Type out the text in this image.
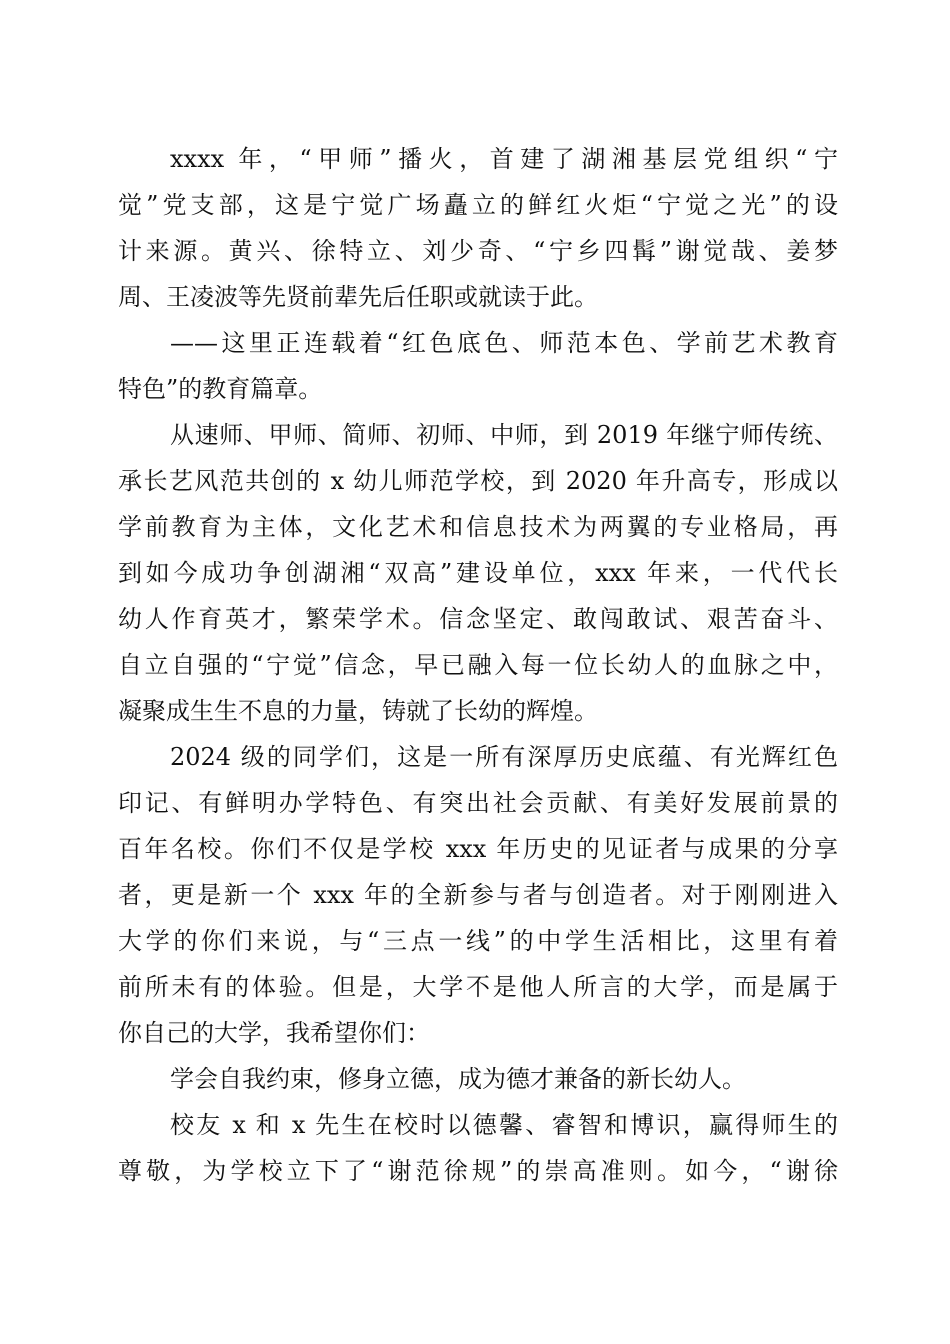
xxxx 年，“甲师”播火，首建了湖湘基层党组织“宁
觉”党支部，这是宁觉广场矗立的鲜红火炬“宁觉之光”的设
计来源。黄兴、徐特立、刘少奇、“宁乡四髯”谢觉哉、姜梦
周、王凌波等先贤前辈先后任职或就读于此。
——这里正连载着“红色底色、师范本色、学前艺术教育
特色”的教育篇章。
从速师、甲师、简师、初师、中师，到 2019 年继宁师传统、
承长艺风范共创的 x 幼儿师范学校，到 2020 年升高专，形成以
学前教育为主体，文化艺术和信息技术为两翼的专业格局，再
到如今成功争创湖湘“双高”建设单位，xxx 年来，一代代长
幼人作育英才，繁荣学术。信念坚定、敢闯敢试、艰苦奋斗、
自立自强的“宁觉”信念，早已融入每一位长幼人的血脉之中，
凝聚成生生不息的力量，铸就了长幼的辉煌。
2024 级的同学们，这是一所有深厚历史底蕴、有光辉红色
印记、有鲜明办学特色、有突出社会贡献、有美好发展前景的
百年名校。你们不仅是学校 xxx 年历史的见证者与成果的分享
者，更是新一个 xxx 年的全新参与者与创造者。对于刚刚进入
大学的你们来说，与“三点一线”的中学生活相比，这里有着
前所未有的体验。但是，大学不是他人所言的大学，而是属于
你自己的大学，我希望你们：
学会自我约束，修身立德，成为德才兼备的新长幼人。
校友 x 和 x 先生在校时以德馨、睿智和博识，赢得师生的
尊敬，为学校立下了“谢范徐规”的崇高准则。如今，“谢徐
